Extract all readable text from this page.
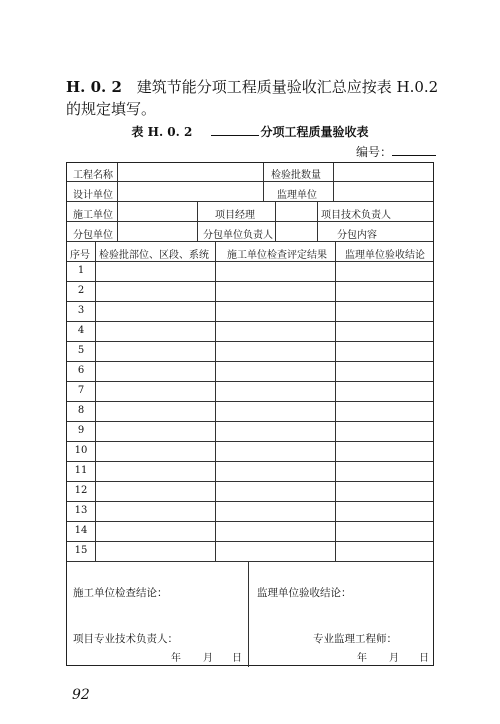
H. 0. 2 建筑节能分项工程质量验收汇总应按表 H.0.2 的规定填写。
表 H. 0. 2	分项工程质量验收表
编号：
工程名称	检验批数量
设计单位	监理单位
施工单位	项目经理	项目技术负责人
分包单位	分包单位负责人	分包内容
序号 检验批部位、区段、系统 施工单位检查评定结果 监理单位验收结论
1
2
3
4
5
6
7
8
9
10
11
12
13
14
15
施工单位检查结论：	监理单位验收结论：
项目专业技术负责人：	专业监理工程师：
年 月 日	年 月 日
92
